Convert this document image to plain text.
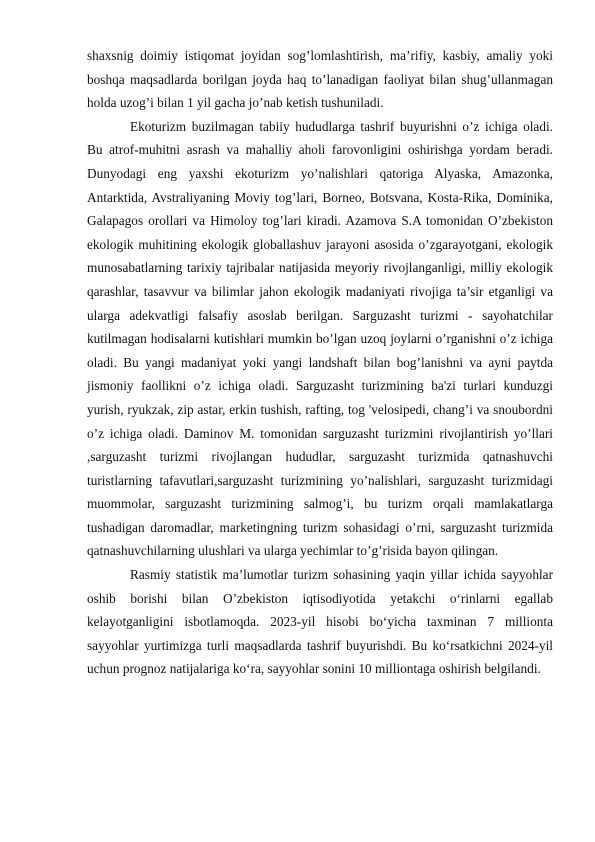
shaxsnig doimiy istiqomat joyidan sog’lomlashtirish, ma’rifiy, kasbiy, amaliy yoki boshqa maqsadlarda borilgan joyda haq to’lanadigan faoliyat bilan shug’ullanmagan holda uzog’i bilan 1 yil gacha jo’nab ketish tushuniladi.

Ekoturizm buzilmagan tabiiy hududlarga tashrif buyurishni o’z ichiga oladi. Bu atrof-muhitni asrash va mahalliy aholi farovonligini oshirishga yordam beradi. Dunyodagi eng yaxshi ekoturizm yo’nalishlari qatoriga Alyaska, Amazonka, Antarktida, Avstraliyaning Moviy tog’lari, Borneo, Botsvana, Kosta-Rika, Dominika, Galapagos orollari va Himoloy tog’lari kiradi. Azamova S.A tomonidan O’zbekiston ekologik muhitining ekologik globallashuv jarayoni asosida o’zgarayotgani, ekologik munosabatlarning tarixiy tajribalar natijasida meyoriy rivojlanganligi, milliy ekologik qarashlar, tasavvur va bilimlar jahon ekologik madaniyati rivojiga ta’sir etganligi va ularga adekvatligi falsafiy asoslab berilgan. Sarguzasht turizmi - sayohatchilar kutilmagan hodisalarni kutishlari mumkin bo’lgan uzoq joylarni o’rganishni o’z ichiga oladi. Bu yangi madaniyat yoki yangi landshaft bilan bog’lanishni va ayni paytda jismoniy faollikni o’z ichiga oladi. Sarguzasht turizmining ba'zi turlari kunduzgi yurish, ryukzak, zip astar, erkin tushish, rafting, tog 'velosipedi, chang’i va snoubordni o’z ichiga oladi. Daminov M. tomonidan sarguzasht turizmini rivojlantirish yo’llari ,sarguzasht turizmi rivojlangan hududlar, sarguzasht turizmida qatnashuvchi turistlarning tafavutlari,sarguzasht turizmining yo’nalishlari, sarguzasht turizmidagi muommolar, sarguzasht turizmining salmog’i, bu turizm orqali mamlakatlarga tushadigan daromadlar, marketingning turizm sohasidagi o’rni, sarguzasht turizmida qatnashuvchilarning ulushlari va ularga yechimlar to’g’risida bayon qilingan.

Rasmiy statistik maʼlumotlar turizm sohasining yaqin yillar ichida sayyohlar oshib borishi bilan O’zbekiston iqtisodiyotida yetakchi oʻrinlarni egallab kelayotganligini isbotlamoqda. 2023-yil hisobi boʻyicha taxminan 7 millionta sayyohlar yurtimizga turli maqsadlarda tashrif buyurishdi. Bu koʻrsatkichni 2024-yil uchun prognoz natijalariga koʻra, sayyohlar sonini 10 milliontaga oshirish belgilandi.
